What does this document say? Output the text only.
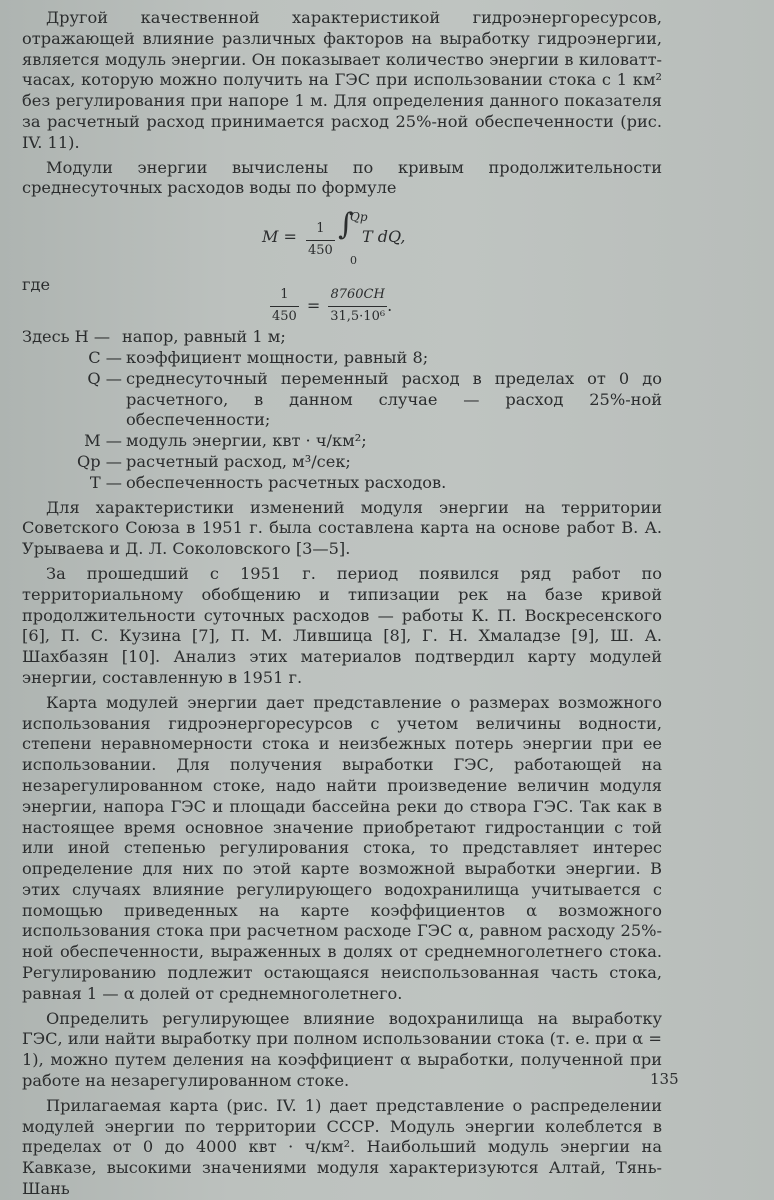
Другой качественной характеристикой гидроэнергоресурсов, отражающей влияние различных факторов на выработку гидроэнергии, является модуль энергии. Он показывает количество энергии в киловатт-часах, которую можно получить на ГЭС при использовании стока с 1 км² без регулирования при напоре 1 м. Для определения данного показателя за расчетный расход принимается расход 25%-ной обеспеченности (рис. IV. 11).

Модули энергии вычислены по кривым продолжительности среднесуточных расходов воды по формуле

$M = \frac{1}{450}$ ∫
Qp
0
T dQ,
где
$\frac{1}{450} = \frac{8760CH}{\text{31,5·10⁶}}$ .
Здесь H — напор, равный 1 м;
C — коэффициент мощности, равный 8;
Q — среднесуточный переменный расход в пределах от 0 до расчетного, в данном случае — расход 25%-ной обеспеченности;
M — модуль энергии, квт · ч/км²;
Qp — расчетный расход, м³/сек;
T — обеспеченность расчетных расходов.

Для характеристики изменений модуля энергии на территории Советского Союза в 1951 г. была составлена карта на основе работ В. А. Урываева и Д. Л. Соколовского [3—5].

За прошедший с 1951 г. период появился ряд работ по территориальному обобщению и типизации рек на базе кривой продолжительности суточных расходов — работы К. П. Воскресенского [6], П. С. Кузина [7], П. М. Лившица [8], Г. Н. Хмаладзе [9], Ш. А. Шахбазян [10]. Анализ этих материалов подтвердил карту модулей энергии, составленную в 1951 г.

Карта модулей энергии дает представление о размерах возможного использования гидроэнергоресурсов с учетом величины водности, степени неравномерности стока и неизбежных потерь энергии при ее использовании. Для получения выработки ГЭС, работающей на незарегулированном стоке, надо найти произведение величин модуля энергии, напора ГЭС и площади бассейна реки до створа ГЭС. Так как в настоящее время основное значение приобретают гидростанции с той или иной степенью регулирования стока, то представляет интерес определение для них по этой карте возможной выработки энергии. В этих случаях влияние регулирующего водохранилища учитывается с помощью приведенных на карте коэффициентов α возможного использования стока при расчетном расходе ГЭС α, равном расходу 25%-ной обеспеченности, выраженных в долях от среднемноголетнего стока. Регулированию подлежит остающаяся неиспользованная часть стока, равная 1 — α долей от среднемноголетнего.

Определить регулирующее влияние водохранилища на выработку ГЭС, или найти выработку при полном использовании стока (т. е. при α = 1), можно путем деления на коэффициент α выработки, полученной при работе на незарегулированном стоке.

Прилагаемая карта (рис. IV. 1) дает представление о распределении модулей энергии по территории СССР. Модуль энергии колеблется в пределах от 0 до 4000 квт · ч/км². Наибольший модуль энергии на Кавказе, высокими значениями модуля характеризуются Алтай, Тянь-Шань

135
